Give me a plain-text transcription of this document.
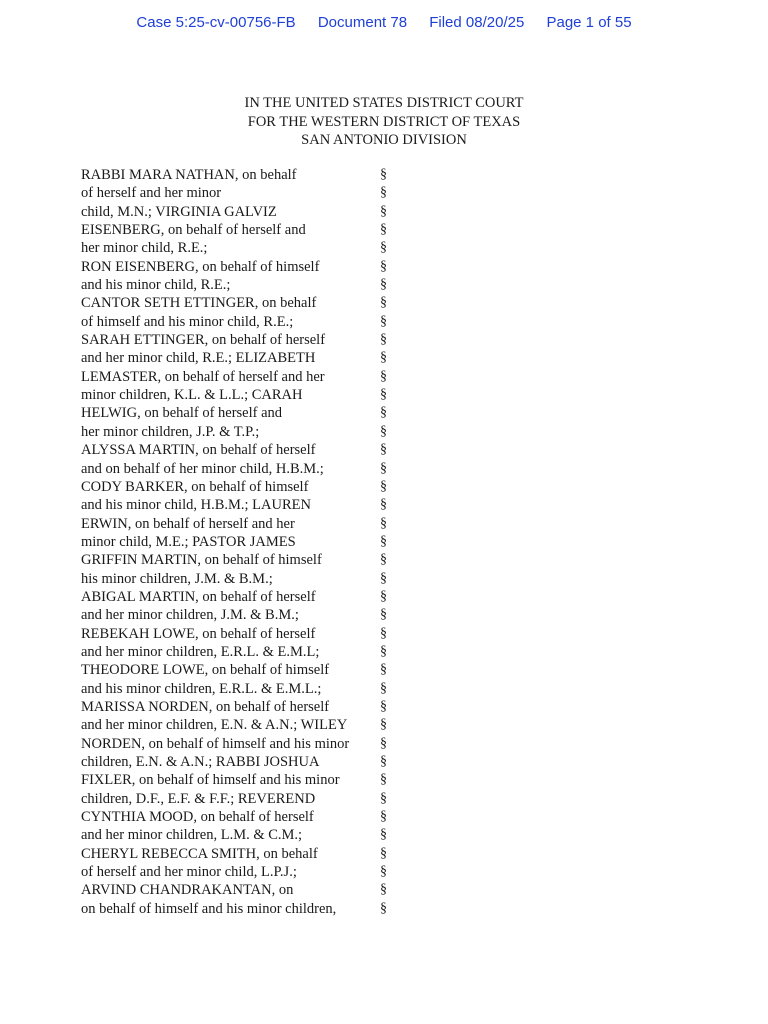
Case 5:25-cv-00756-FB Document 78 Filed 08/20/25 Page 1 of 55
IN THE UNITED STATES DISTRICT COURT
FOR THE WESTERN DISTRICT OF TEXAS
SAN ANTONIO DIVISION
RABBI MARA NATHAN, on behalf	§
of herself and her minor	§
child, M.N.; VIRGINIA GALVIZ	§
EISENBERG, on behalf of herself and	§
her minor child, R.E.;	§
RON EISENBERG, on behalf of himself	§
and his minor child, R.E.;	§
CANTOR SETH ETTINGER, on behalf	§
of himself and his minor child, R.E.;	§
SARAH ETTINGER, on behalf of herself	§
and her minor child, R.E.; ELIZABETH	§
LEMASTER, on behalf of herself and her	§
minor children, K.L. & L.L.; CARAH	§
HELWIG, on behalf of herself and	§
her minor children, J.P. & T.P.;	§
ALYSSA MARTIN, on behalf of herself	§
and on behalf of her minor child, H.B.M.;	§
CODY BARKER, on behalf of himself	§
and his minor child, H.B.M.; LAUREN	§
ERWIN, on behalf of herself and her	§
minor child, M.E.; PASTOR JAMES	§
GRIFFIN MARTIN, on behalf of himself	§
his minor children, J.M. & B.M.;	§
ABIGAL MARTIN, on behalf of herself	§
and her minor children, J.M. & B.M.;	§
REBEKAH LOWE, on behalf of herself	§
and her minor children, E.R.L. & E.M.L;	§
THEODORE LOWE, on behalf of himself	§
and his minor children, E.R.L. & E.M.L.;	§
MARISSA NORDEN, on behalf of herself	§
and her minor children, E.N. & A.N.; WILEY §
NORDEN, on behalf of himself and his minor §
children, E.N. & A.N.; RABBI JOSHUA	§
FIXLER, on behalf of himself and his minor	§
children, D.F., E.F. & F.F.; REVEREND	§
CYNTHIA MOOD, on behalf of herself	§
and her minor children, L.M. & C.M.;	§
CHERYL REBECCA SMITH, on behalf	§
of herself and her minor child, L.P.J.;	§
ARVIND CHANDRAKANTAN, on	§
on behalf of himself and his minor children,	§
